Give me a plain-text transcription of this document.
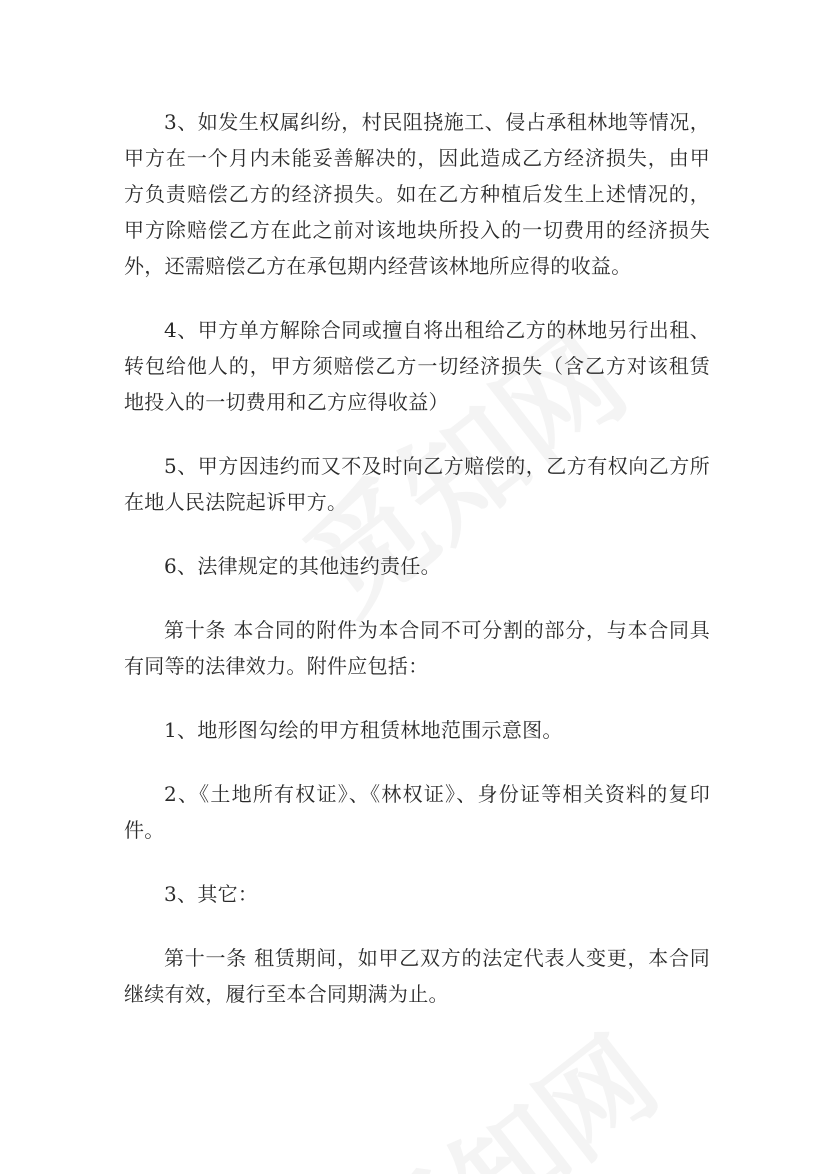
3、如发生权属纠纷，村民阻挠施工、侵占承租林地等情况，甲方在一个月内未能妥善解决的，因此造成乙方经济损失，由甲方负责赔偿乙方的经济损失。如在乙方种植后发生上述情况的，甲方除赔偿乙方在此之前对该地块所投入的一切费用的经济损失外，还需赔偿乙方在承包期内经营该林地所应得的收益。

4、甲方单方解除合同或擅自将出租给乙方的林地另行出租、转包给他人的，甲方须赔偿乙方一切经济损失（含乙方对该租赁地投入的一切费用和乙方应得收益）

5、甲方因违约而又不及时向乙方赔偿的，乙方有权向乙方所在地人民法院起诉甲方。

6、法律规定的其他违约责任。

第十条 本合同的附件为本合同不可分割的部分，与本合同具有同等的法律效力。附件应包括：

1、地形图勾绘的甲方租赁林地范围示意图。

2、《土地所有权证》、《林权证》、身份证等相关资料的复印件。

3、其它：

第十一条 租赁期间，如甲乙双方的法定代表人变更，本合同继续有效，履行至本合同期满为止。
